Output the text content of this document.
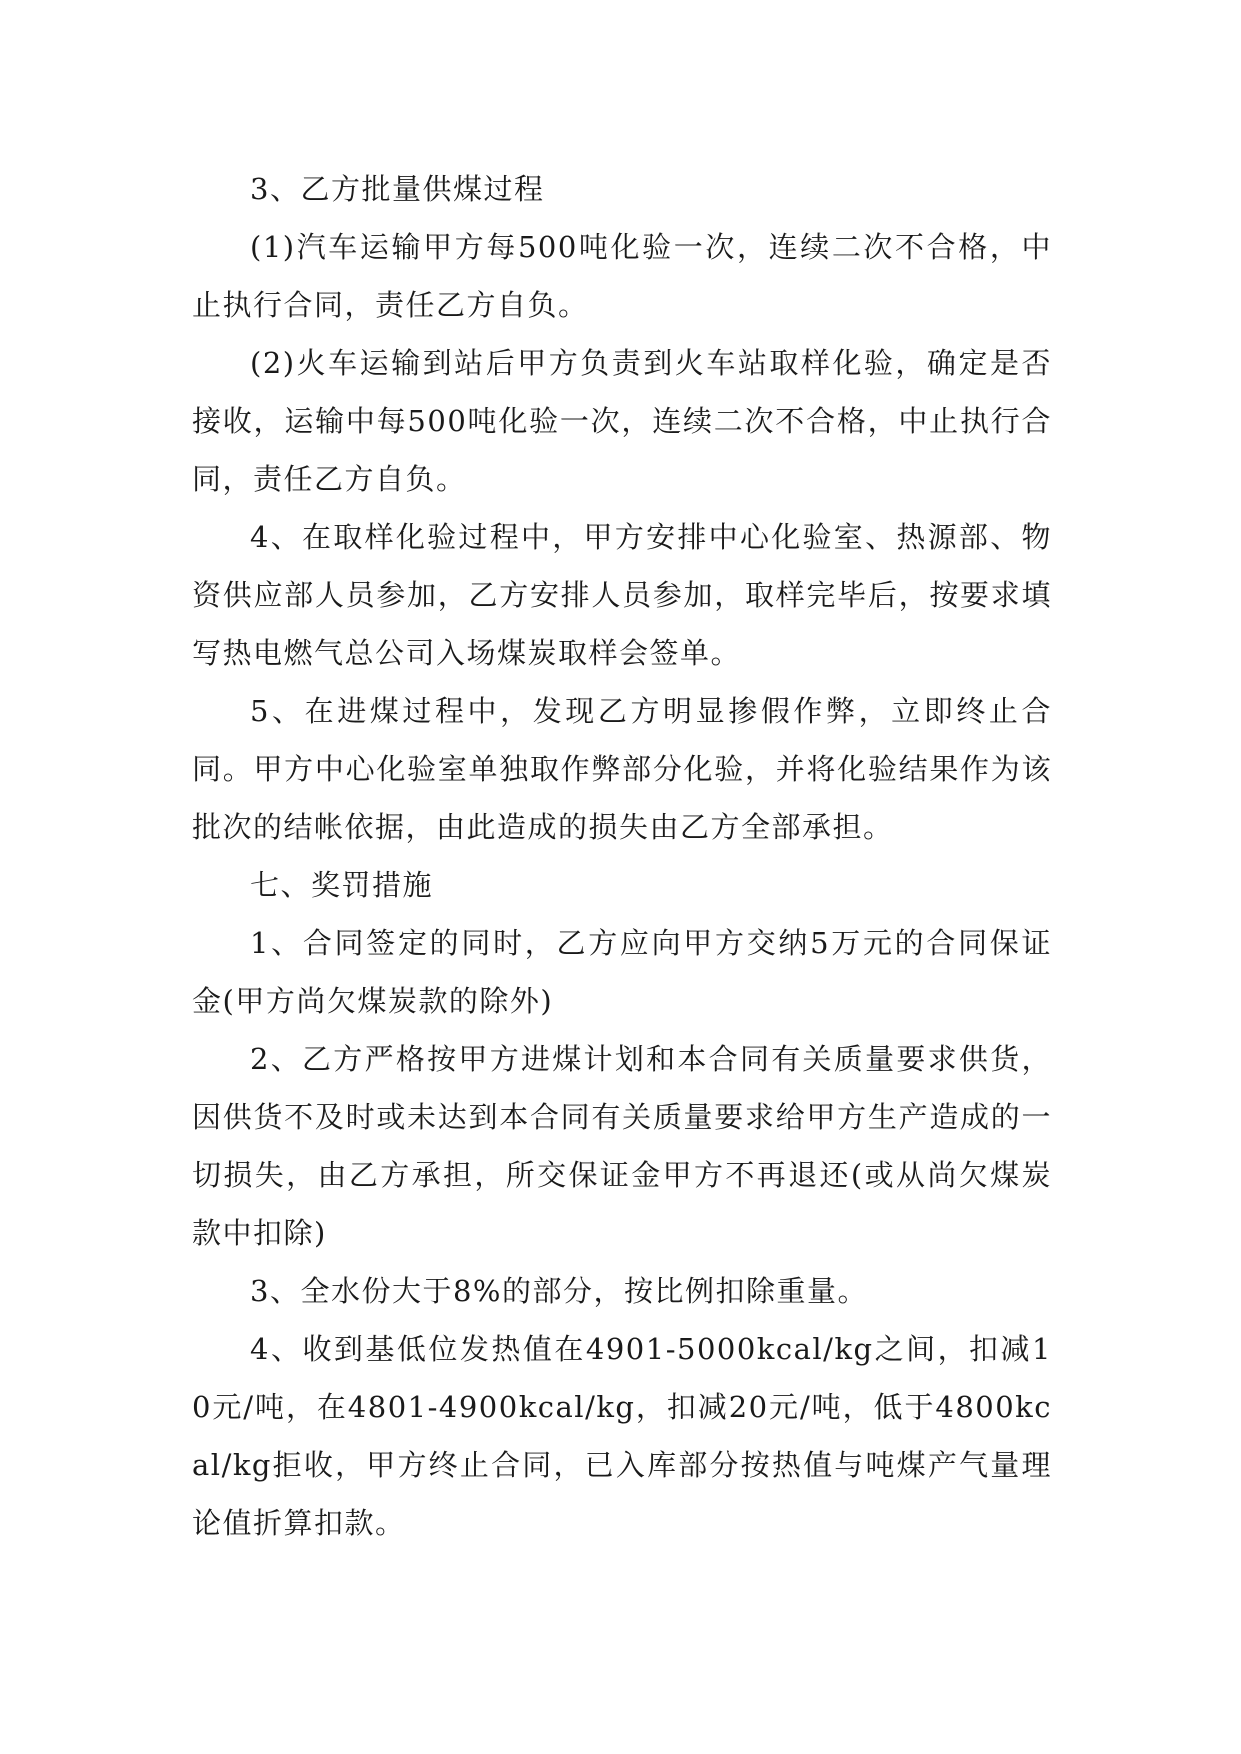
3、乙方批量供煤过程

(1)汽车运输甲方每500吨化验一次，连续二次不合格，中止执行合同，责任乙方自负。

(2)火车运输到站后甲方负责到火车站取样化验，确定是否接收，运输中每500吨化验一次，连续二次不合格，中止执行合同，责任乙方自负。

4、在取样化验过程中，甲方安排中心化验室、热源部、物资供应部人员参加，乙方安排人员参加，取样完毕后，按要求填写热电燃气总公司入场煤炭取样会签单。

5、在进煤过程中，发现乙方明显掺假作弊，立即终止合同。甲方中心化验室单独取作弊部分化验，并将化验结果作为该批次的结帐依据，由此造成的损失由乙方全部承担。

七、奖罚措施

1、合同签定的同时，乙方应向甲方交纳5万元的合同保证金(甲方尚欠煤炭款的除外)

2、乙方严格按甲方进煤计划和本合同有关质量要求供货，因供货不及时或未达到本合同有关质量要求给甲方生产造成的一切损失，由乙方承担，所交保证金甲方不再退还(或从尚欠煤炭款中扣除)

3、全水份大于8%的部分，按比例扣除重量。

4、收到基低位发热值在4901-5000kcal/kg之间，扣减10元/吨，在4801-4900kcal/kg，扣减20元/吨，低于4800kcal/kg拒收，甲方终止合同，已入库部分按热值与吨煤产气量理论值折算扣款。
